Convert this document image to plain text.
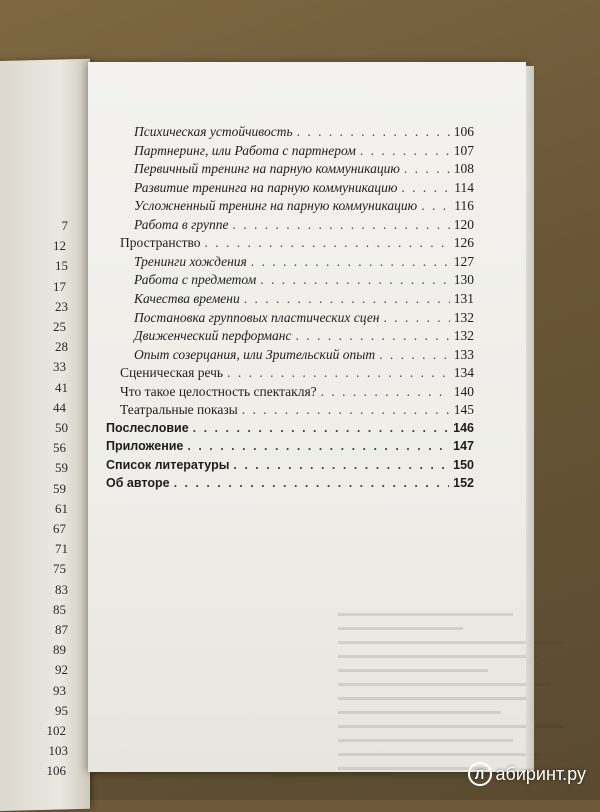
7
12
15
17
23
25
28
33
41
44
50
56
59
59
61
67
71
75
83
85
87
89
92
93
95
102
103
106
Психическая устойчивость . . .	106
Партнеринг, или Работа с партнером . . .	107
Первичный тренинг на парную коммуникацию . . .	108
Развитие тренинга на парную коммуникацию . . .	114
Усложненный тренинг на парную коммуникацию . . .	116
Работа в группе . . .	120
Пространство . . .	126
Тренинги хождения . . .	127
Работа с предметом . . .	130
Качества времени . . .	131
Постановка групповых пластических сцен . . .	132
Движенческий перформанс . . .	132
Опыт созерцания, или Зрительский опыт . . .	133
Сценическая речь . . .	134
Что такое целостность спектакля? . . .	140
Театральные показы . . .	145
Послесловие . . .	146
Приложение . . .	147
Список литературы . . .	150
Об авторе . . .	152
Л абиринт.ру
